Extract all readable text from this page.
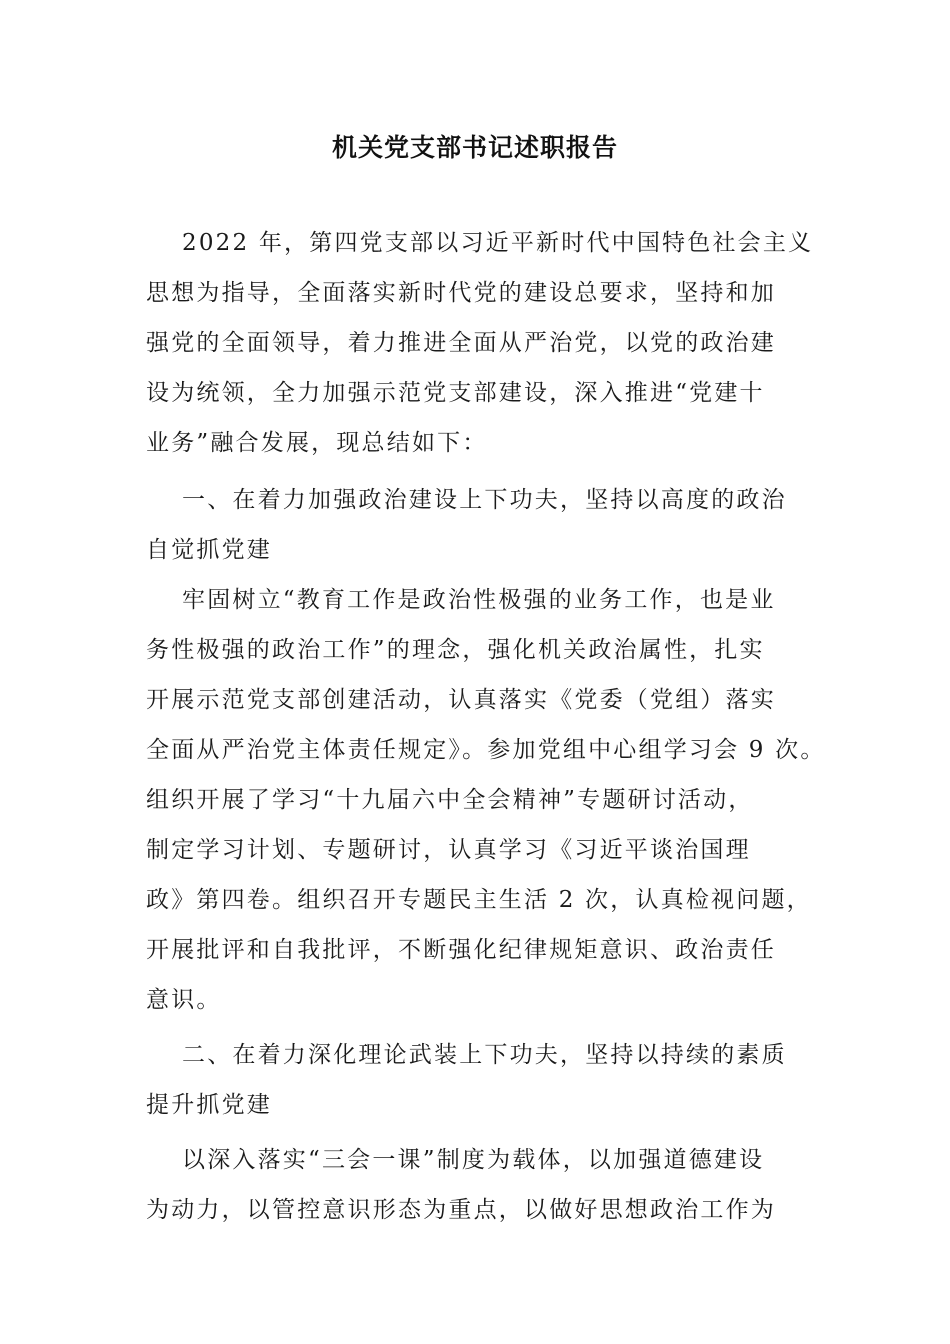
机关党支部书记述职报告
2022 年，第四党支部以习近平新时代中国特色社会主义
思想为指导，全面落实新时代党的建设总要求，坚持和加
强党的全面领导，着力推进全面从严治党，以党的政治建
设为统领，全力加强示范党支部建设，深入推进“党建十
业务”融合发展，现总结如下：
一、在着力加强政治建设上下功夫，坚持以高度的政治
自觉抓党建
牢固树立“教育工作是政治性极强的业务工作，也是业
务性极强的政治工作”的理念，强化机关政治属性，扎实
开展示范党支部创建活动，认真落实《党委（党组）落实
全面从严治党主体责任规定》。参加党组中心组学习会 9 次。
组织开展了学习“十九届六中全会精神”专题研讨活动，
制定学习计划、专题研讨，认真学习《习近平谈治国理
政》第四卷。组织召开专题民主生活 2 次，认真检视问题，
开展批评和自我批评，不断强化纪律规矩意识、政治责任
意识。
二、在着力深化理论武装上下功夫，坚持以持续的素质
提升抓党建
以深入落实“三会一课”制度为载体，以加强道德建设
为动力，以管控意识形态为重点，以做好思想政治工作为
